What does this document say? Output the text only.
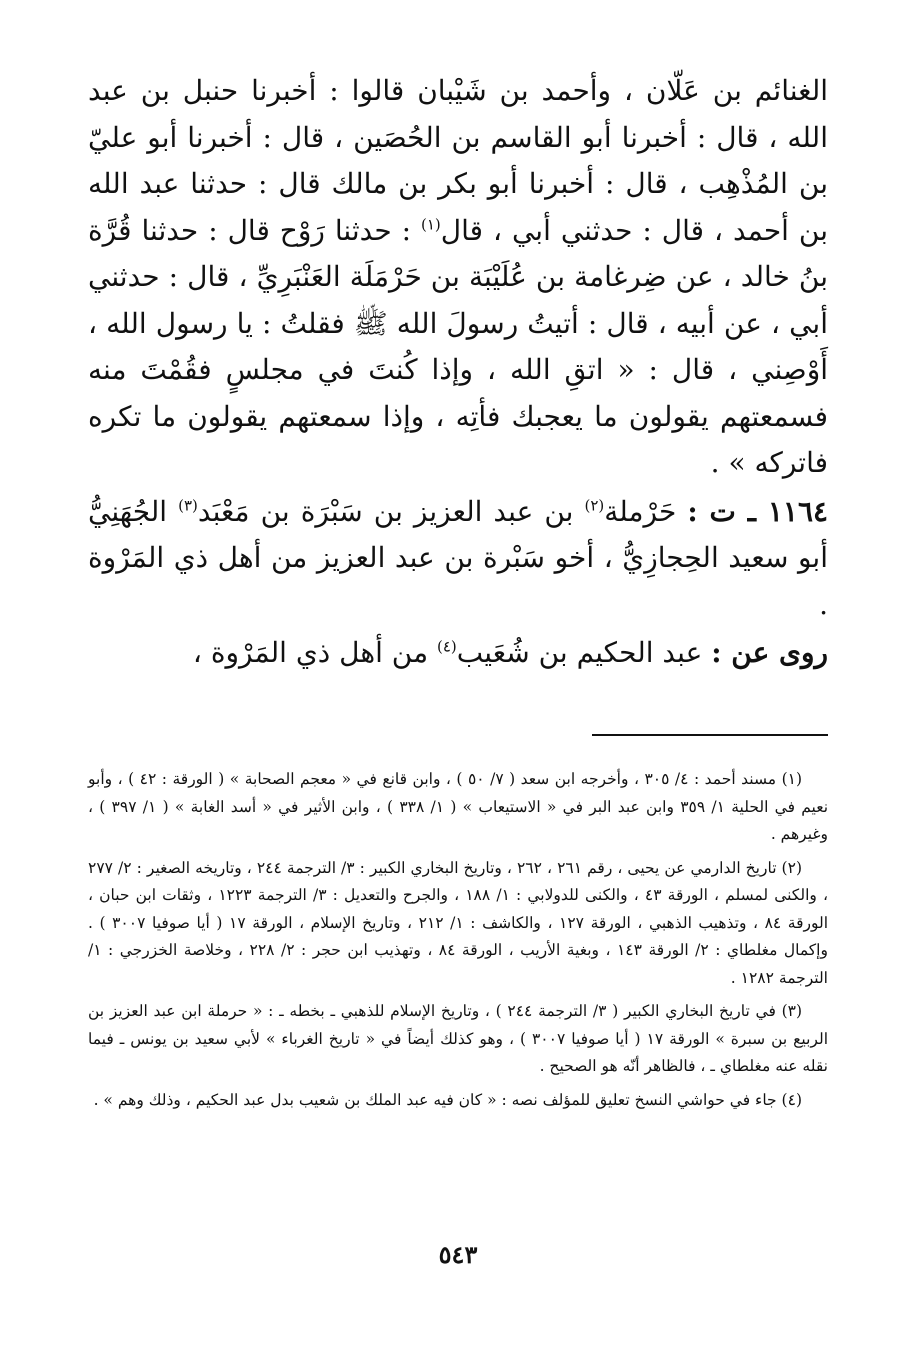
الغنائم بن عَلّان ، وأحمد بن شَيْبان قالوا : أخبرنا حنبل بن عبد الله ، قال : أخبرنا أبو القاسم بن الحُصَين ، قال : أخبرنا أبو عليّ بن المُذْهِب ، قال : أخبرنا أبو بكر بن مالك قال : حدثنا عبد الله بن أحمد ، قال : حدثني أبي ، قال$^{(١)}$ : حدثنا رَوْح قال : حدثنا قُرَّة بنُ خالد ، عن ضِرغامة بن عُلَيْبَة بن حَرْمَلَة العَنْبَرِيِّ ، قال : حدثني أبي ، عن أبيه ، قال : أتيتُ رسولَ الله ﷺ فقلتُ : يا رسول الله ، أَوْصِني ، قال : « اتقِ الله ، وإذا كُنتَ في مجلسٍ فقُمْتَ منه فسمعتهم يقولون ما يعجبك فأتِه ، وإذا سمعتهم يقولون ما تكره فاتركه » .

١١٦٤ ـ ت : حَرْملة$^{(٢)}$ بن عبد العزيز بن سَبْرَة بن مَعْبَد$^{(٣)}$ الجُهَنِيُّ أبو سعيد الحِجازِيُّ ، أخو سَبْرة بن عبد العزيز من أهل ذي المَرْوة .

روى عن : عبد الحكيم بن شُعَيب$^{(٤)}$ من أهل ذي المَرْوة ،

(١) مسند أحمد : ٤/ ٣٠٥ ، وأخرجه ابن سعد ( ٧/ ٥٠ ) ، وابن قانع في « معجم الصحابة » ( الورقة : ٤٢ ) ، وأبو نعيم في الحلية ١/ ٣٥٩ وابن عبد البر في « الاستيعاب » ( ١/ ٣٣٨ ) ، وابن الأثير في « أسد الغابة » ( ١/ ٣٩٧ ) ، وغيرهم .

(٢) تاريخ الدارمي عن يحيى ، رقم ٢٦١ ، ٢٦٢ ، وتاريخ البخاري الكبير : ٣/ الترجمة ٢٤٤ ، وتاريخه الصغير : ٢/ ٢٧٧ ، والكنى لمسلم ، الورقة ٤٣ ، والكنى للدولابي : ١/ ١٨٨ ، والجرح والتعديل : ٣/ الترجمة ١٢٢٣ ، وثقات ابن حبان ، الورقة ٨٤ ، وتذهيب الذهبي ، الورقة ١٢٧ ، والكاشف : ١/ ٢١٢ ، وتاريخ الإسلام ، الورقة ١٧ ( أيا صوفيا ٣٠٠٧ ) . وإكمال مغلطاي : ٢/ الورقة ١٤٣ ، وبغية الأريب ، الورقة ٨٤ ، وتهذيب ابن حجر : ٢/ ٢٢٨ ، وخلاصة الخزرجي : ١/ الترجمة ١٢٨٢ .

(٣) في تاريخ البخاري الكبير ( ٣/ الترجمة ٢٤٤ ) ، وتاريخ الإسلام للذهبي ـ بخطه ـ : « حرملة ابن عبد العزيز بن الربيع بن سبرة » الورقة ١٧ ( أيا صوفيا ٣٠٠٧ ) ، وهو كذلك أيضاً في « تاريخ الغرباء » لأبي سعيد بن يونس ـ فيما نقله عنه مغلطاي ـ ، فالظاهر أنّه هو الصحيح .

(٤) جاء في حواشي النسخ تعليق للمؤلف نصه : « كان فيه عبد الملك بن شعيب بدل عبد الحكيم ، وذلك وهم » .

٥٤٣
